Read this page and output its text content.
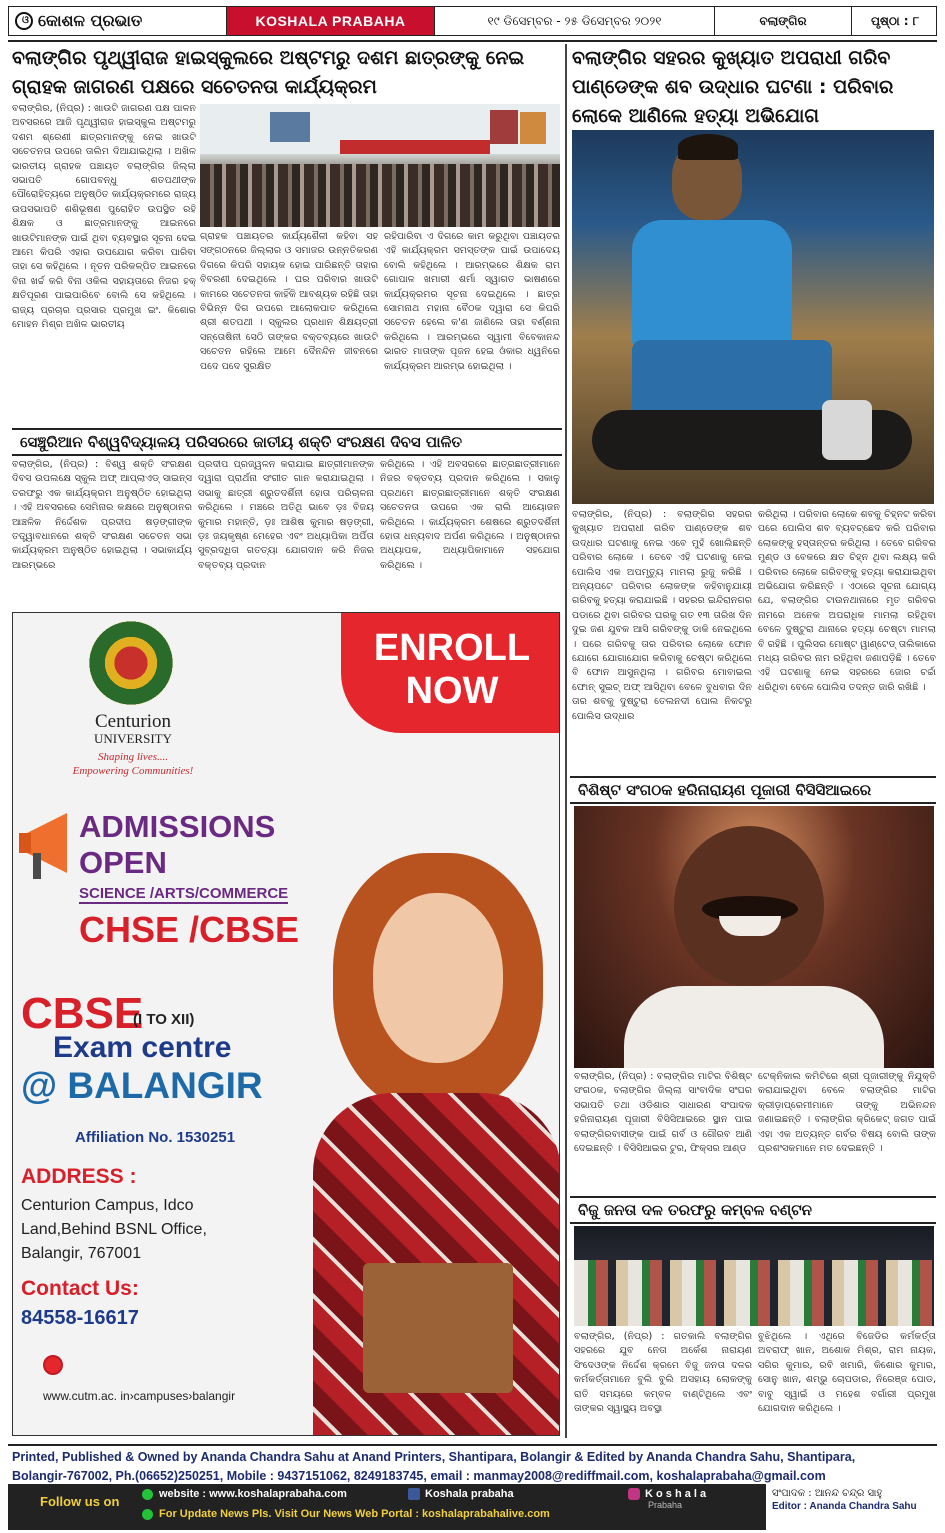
ଓ କୋଶଳ ପ୍ରଭାତ	KOSHALA PRABAHA	୧୯ ଡିସେମ୍ବର - ୨୫ ଡିସେମ୍ବର ୨୦୨୧	ବଲାଙ୍ଗିର	ପୃଷ୍ଠା : ୮
ବଲାଙ୍ଗିର ପୃଥ୍ୱୀରାଜ ହାଇସ୍କୁଲରେ ଅଷ୍ଟମରୁ ଦଶମ ଛାତ୍ରଙ୍କୁ ନେଇ ଗ୍ରାହକ ଜାଗରଣ ପକ୍ଷରେ ସଚେତନତା କାର୍ଯ୍ୟକ୍ରମ
ବଲାଙ୍ଗିର, (ନିପ୍ର) : ଖାଉଟି ଜାଗରଣ ପକ୍ଷ ପାଳନ ଅବସରରେ ଆଜି ପୃଥ୍ୱୀରାଜ ହାଇସ୍କୁଲ ଅଷ୍ଟମରୁ ଦଶମ ଶ୍ରେଣୀ ଛାତ୍ରମାନଙ୍କୁ ନେଇ ଖାଉଟି ସଚେତନତା ଉପରେ ତାଲିମ ଦିଆଯାଇଥିଲା । ଅଖିଳ ଭାରତୀୟ ଗ୍ରାହକ ପଞ୍ଚାୟତ ବଲାଙ୍ଗିର ଜିଲ୍ଲା ସଭାପତି ଗୋପବନ୍ଧୁ ଶତପଥୀଙ୍କ ପୌରୋହିତ୍ୟରେ ଅନୁଷ୍ଠିତ କାର୍ଯ୍ୟକ୍ରମରେ ରାଜ୍ୟ ଉପସଭାପତି ଶଶିଭୂଷଣ ପୁରୋହିତ ଉପସ୍ଥିତ ରହି ଶିକ୍ଷକ ଓ ଛାତ୍ରମାନଙ୍କୁ ଆଇନରେ ଖାଉଟିମାନଙ୍କ ପାଇଁ ଥିବା ବ୍ୟବସ୍ଥାର ସୂଚନା ଦେଇ ଆମେ କିପରି ଏହାର ଉପଯୋଗ କରିବା ପାରିବା ତାହା ସେ କହିଥିଲେ । ନୂତନ ପରିକଳ୍ପିତ ଆଇନରେ ବିନା ଖର୍ଚ୍ଚ କରି ବିନା ଓକିଲ ସହାୟତାରେ ନିଜର ହକ୍ କ୍ଷତିପୂରଣ ପାଇପାରିବେ ବୋଲି ସେ କହିଥିଲେ । ରାଜ୍ୟ ପ୍ରଚାର ପ୍ରସାର ପ୍ରମୁଖ ଇଂ. କିଶୋର ମୋହନ ମିଶ୍ର ଅଖିଳ ଭାରତୀୟ
ଗ୍ରାହକ ପଞ୍ଚାୟତର କାର୍ଯ୍ୟଶୈଳୀ କହିବା ସହ ସଙ୍ଗଠନରେ ଜିଲ୍ଲାର ଓ ସମାଜର ଉନ୍ନତିକରଣ ଦିଗରେ କିପରି ସହାୟକ ହୋଇ ପାରିଛନ୍ତି ତାହାର ବିବରଣୀ ଦେଇଥିଲେ । ଘର ପରିବାର ଖାଉଟି କାମରେ ସଚେତନତା କାହିଁକି ଆବଶ୍ୟକ ରହିଛି ତାହା ବିଭିନ୍ନ ଦିଗ ଉପରେ ଆଲୋକପାତ କରିଥିଲେ ଶ୍ରୀ ଶତପଥୀ । ସ୍କୁଲର ପ୍ରଧାନ ଶିକ୍ଷୟତ୍ରୀ ସନ୍ତୋଷିନୀ ସେଠି ତାଙ୍କର ବକ୍ତବ୍ୟରେ ଖାଉଟି ସଚେତନ ରହିଲେ ଆମେ ଦୈନନ୍ଦିନ ଜୀବନରେ ପଦେ ପଦେ ସୁରକ୍ଷିତ
ରହିପାରିବା ଏ ଦିଗରେ କାମ କରୁଥିବା ପଞ୍ଚାୟତର ଏହି କାର୍ଯ୍ୟକ୍ରମ ସମସ୍ତଙ୍କ ପାଇଁ ଉପାଦେୟ ବୋଲି କହିଥିଲେ । ଆରମ୍ଭରେ ଶିକ୍ଷକ ରାମ ଗୋପାଳ ଖମାରୀ ଶର୍ମା ସ୍ୱାଗତ ଭାଷଣରେ କାର୍ଯ୍ୟକ୍ରମର ସୂଚନା ଦେଇଥିଲେ । ଛାତ୍ର ସୋମନାଥ ମହାନା ବୈଠକ ଦ୍ୱାରା ସେ କିପରି ସଚେତନ ହେଲେ କ'ଣ ଜାଣିଲେ ତାହା ବର୍ଣ୍ଣନା କରିଥିଲେ । ଆରମ୍ଭରେ ସ୍ୱାମୀ ବିବେକାନନ୍ଦ ଭାରତ ମାତାଙ୍କ ପୂଜନ ହେଇ ଓଁକାର ଧ୍ୱନିରେ କାର୍ଯ୍ୟକ୍ରମ ଆରମ୍ଭ ହୋଇଥିଲା ।
ସେଞ୍ଚୁରିଆନ ବିଶ୍ୱବିଦ୍ୟାଳୟ ପରିସରରେ ଜାତୀୟ ଶକ୍ତି ସଂରକ୍ଷଣ ଦିବସ ପାଳିତ
ବଲାଙ୍ଗିର, (ନିପ୍ର) : ବିଶ୍ୱ ଶକ୍ତି ସଂରକ୍ଷଣ ଦିବସ ଉପଲକ୍ଷେ ସ୍କୁଲ ଅଫ୍ ଆପ୍ଲାଏଡ୍ ସାଇନ୍ସ ତରଫରୁ ଏକ କାର୍ଯ୍ୟକ୍ରମ ଅନୁଷ୍ଠିତ ହୋଇଥିଲା । ଏହି ଅବସରରେ ସେମିନାର କକ୍ଷରେ ଅନୁଷ୍ଠାନର ଆଞ୍ଚଳିକ ନିର୍ଦ୍ଦେଶକ ପ୍ରଦୀପ ଷଡ଼ଙ୍ଗୀଙ୍କ ତତ୍ତ୍ୱାବଧାନରେ ଶକ୍ତି ସଂରକ୍ଷଣ ସଚେତନ ସଭା କାର୍ଯ୍ୟକ୍ରମ ଅନୁଷ୍ଠିତ ହୋଇଥିଲା । ସଭାକାର୍ଯ୍ୟ ଆରମ୍ଭରେ
ପ୍ରଦୀପ ପ୍ରଜ୍ୱଳନ କରାଯାଇ ଛାତ୍ରୀମାନଙ୍କ ଦ୍ୱାରା ପ୍ରାର୍ଥନା ସଂଗୀତ ଗାନ କରାଯାଇଥିଲା । ସଭାକୁ ଛାତ୍ରୀ ଶ୍ରୁତଦର୍ଶିନୀ ହୋତା ପରିଚାଳନା କରିଥିଲେ । ମଞ୍ଚରେ ଅତିଥି ଭାବେ ଡ଼ଃ ବିଜୟ କୁମାର ମହାନ୍ତି, ଡ଼ଃ ଆଶିଷ କୁମାର ଷଡ଼ଙ୍ଗୀ, ଡ଼ଃ ଜୟକୃଷ୍ଣ ମେହେର ଏବଂ ଅଧ୍ୟାପିକା ଅର୍ପିତା ସୁବ୍ରଦ୍ଧିତା ଗତତ୍ୟା ଯୋଗଦାନ କରି ନିଜର ବକ୍ତବ୍ୟ ପ୍ରଦାନ
କରିଥିଲେ । ଏହି ଅବସରରେ ଛାତ୍ରଛାତ୍ରୀମାନେ ନିଜର ବକ୍ତବ୍ୟ ପ୍ରଦାନ କରିଥିଲେ । ସକାଳୁ ପ୍ରଥମେ ଛାତ୍ରଛାତ୍ରୀମାନେ ଶକ୍ତି ସଂରକ୍ଷଣ ସଚେତନତା ଉପରେ ଏକ ରାଲି ଆୟୋଜନ କରିଥିଲେ । କାର୍ଯ୍ୟକ୍ରମ ଶେଷରେ ଶ୍ରୁତଦର୍ଶିନୀ ହୋତା ଧନ୍ୟବାଦ ଅର୍ପଣ କରିଥିଲେ । ଅନୁଷ୍ଠାନର ଅଧ୍ୟାପକ, ଅଧ୍ୟାପିକାମାନେ ସହଯୋଗ କରିଥିଲେ ।
ବଲାଙ୍ଗିର ସହରର କୁଖ୍ୟାତ ଅପରାଧୀ ଗରିବ ପାଣ୍ଡେଙ୍କ ଶବ ଉଦ୍ଧାର ଘଟଣା : ପରିବାର ଲୋକେ ଆଣିଲେ ହତ୍ୟା ଅଭିଯୋଗ
ବଲାଙ୍ଗିର, (ନିପ୍ର) : ବଲାଙ୍ଗିର ସହରର କୁଖ୍ୟାତ ଅପରାଧୀ ଗରିବ ପାଣ୍ଡେଙ୍କ ଶବ ଉଦ୍ଧାର ଘଟଣାକୁ ନେଇ ଏବେ ମୁହଁ ଖୋଲିଛନ୍ତି ପରିବାର ଲୋକେ । ତେବେ ଏହି ଘଟଣାକୁ ନେଇ ପୋଲିସ ଏକ ଅପମୃତ୍ୟୁ ମାମଲା ରୁଜୁ କରିଛି । ଅନ୍ୟପଟେ ପରିବାର ଲୋକଙ୍କ କହିବାନୁଯାୟୀ ଗରିବକୁ ହତ୍ୟା କରାଯାଇଛି । ସହରର ଇନ୍ଦିରାନଗର ପଡାରେ ଥିବା ଗରିବର ଘରକୁ ଗତ ୧୩ ତାରିଖ ଦିନ ଦୁଇ ଜଣ ଯୁବକ ଆସି ଗରିବଙ୍କୁ ଡାକି ନେଇଥିଲେ । ପରେ ଗରିବକୁ ତାର ପରିବାର ଲୋକେ ଫୋନ ଯୋଗେ ଯୋଗାଯୋଗ କରିବାକୁ ଚେଷ୍ଟା କରିଥିଲେ ବି ଫୋନ ଆସୁନଥିଲା । ଗରିବର ମୋବାଇଲ ଫୋନ୍ ସୁଇଚ୍ ଅଫ୍ ଆସିଥିବା ବେଳେ ବୁଧବାର ଦିନ ତାର ଶବକୁ ଦୁଷ୍ଟୁରା ତେଲନଦୀ ପୋଲ ନିକଟରୁ ପୋଲିସ ଉଦ୍ଧାର
କରିଥିଲା । ପରିବାର ଲୋକେ ଶବକୁ ଚିହ୍ନଟ କରିବା ପରେ ପୋଲିସ ଶବ ବ୍ୟବଚ୍ଛେଦ କରି ପରିବାର ଲୋକଙ୍କୁ ହସ୍ତାନ୍ତର କରିଥିଲା । ତେବେ ଗରିବର ମୁଣ୍ଡ ଓ ବେକରେ କ୍ଷତ ଚିହ୍ନ ଥିବା ଲକ୍ଷ୍ୟ କରି ପରିବାର ଲୋକେ ଗରିବଙ୍କୁ ହତ୍ୟା କରାଯାଇଥିବା ଅଭିଯୋଗ କରିଛନ୍ତି । ଏଠାରେ ସୂଚନା ଯୋଗ୍ୟ ଯେ, ବଲାଙ୍ଗିର ଟାଉନଥାନାରେ ମୃତ ଗରିବର ନାମରେ ଅନେକ ଅପରାଧିକ ମାମଲା ରହିଥିବା ବେଳେ ଦୁଷ୍ଟୁରା ଥାନାରେ ହତ୍ୟା ଚେଷ୍ଟା ମାମଲା ବି ରହିଛି । ପୁଲିସର ମୋଷ୍ଟ ୱାଣ୍ଟେଡ୍ ତାଲିକାରେ ମଧ୍ୟ ଗରିବର ନାମ ରହିଥିବା ଜଣାପଡ଼ିଛି । ତେବେ ଏହି ଘଟଣାକୁ ନେଇ ସହରରେ ଜୋର ଚର୍ଚ୍ଚା ଧରିଥିବା ବେଳେ ପୋଲିସ ତଦନ୍ତ ଜାରି ରଖିଛି ।
ବିଶିଷ୍ଟ ସଂଗଠକ ହରିନାରାୟଣ ପୂଜାରୀ ବିସିସିଆଇରେ
ବଲାଙ୍ଗିର, (ନିପ୍ର) : ବଲାଙ୍ଗିର ମାଟିର ବିଶିଷ୍ଟ ସଂଗଠକ, ବଲାଙ୍ଗିର ଜିଲ୍ଲା ସାଂବାଦିକ ସଂଘର ସଭାପତି ତଥା ଓଡିଶାର ସାଧାରଣ ସଂପାଦକ ହରିନାରାୟଣ ପୂଜାରୀ ବିସିସିଆଇରେ ସ୍ଥାନ ପାଇ ବଲାଙ୍ଗିରବାସୀଙ୍କ ପାଇଁ ଗର୍ବ ଓ ଗୌରବ ଆଣି ଦେଇଛନ୍ତି । ବିସିସିଆଇର ଟୁର, ଫିକ୍ସର ଆଣ୍ଡ
ଟେକ୍ନିକାଲ କମିଟିରେ ଶ୍ରୀ ପୂଜାରୀଙ୍କୁ ନିଯୁକ୍ତି କରାଯାଇଥିବା ବେଳେ ବଲାଙ୍ଗିର ମାଟିର କ୍ରୀଡ଼ାପ୍ରେମୀମାନେ ତାଙ୍କୁ ଅଭିନନ୍ଦନ ଜଣାଇଛନ୍ତି । ବଲାଙ୍ଗିର କ୍ରିକେଟ୍ ଜଗତ ପାଇଁ ଏହା ଏକ ଅତ୍ୟନ୍ତ ଗର୍ବର ବିଷୟ ବୋଲି ତାଙ୍କ ପ୍ରଶଂସକମାନେ ମତ ଦେଇଛନ୍ତି ।
ବିଜୁ ଜନତା ଦଳ ତରଫରୁ କମ୍ବଳ ବଣ୍ଟନ
ବଲାଙ୍ଗିର, (ନିପ୍ର) : ଗତକାଲି ବଲାଙ୍ଗିର ସହରରେ ଯୁବ ନେତା ଅର୍କେଶ ନାରାୟଣ ସିଂଦେଓଙ୍କ ନିର୍ଦ୍ଦେଶ କ୍ରମେ ବିଜୁ ଜନତା ଦଳର କର୍ମକର୍ତ୍ତାମାନେ ବୁଲି ବୁଲି ଅସହାୟ ଲୋକଙ୍କୁ ରାତି ସମୟରେ କମ୍ବଳ ବାଣ୍ଟିଥିଲେ ଏବଂ ତାଙ୍କର ସ୍ୱାସ୍ଥ୍ୟ ଅବସ୍ଥା
ବୁଝିଥିଲେ । ଏଥିରେ ବିଜେଡିର କର୍ମକର୍ତ୍ତା ଅବରାଫ୍ ଖାନ, ଅଶୋକ ମିଶ୍ର, ରାମ ନାୟକ, ସଗିର କୁମାର, ରବି ଖମାରି, କିଶୋର କୁମାର, ସୋନୁ ଖାନ, ଶମ୍ଭୁ ଚୋପଡାର, ନିରେଞ୍ଜ ପୋଡ, ବାବୁ ସ୍ୱାଇଁ ଓ ମହେଶ ବର୍ଗାରୀ ପ୍ରମୁଖ ଯୋଗଦାନ କରିଥିଲେ ।
ENROLL
NOW
Centurion
UNIVERSITY
Shaping lives....
Empowering Communities!
ADMISSIONS
OPEN
SCIENCE /ARTS/COMMERCE
CHSE /CBSE
CBSE
(I TO XII)
Exam centre
@ BALANGIR
Affiliation No. 1530251
ADDRESS :
Centurion Campus, Idco
Land,Behind BSNL Office,
Balangir, 767001
Contact Us:
84558-16617
www.cutm.ac. in›campuses›balangir
Printed, Published & Owned by Ananda Chandra Sahu at Anand Printers, Shantipara, Bolangir & Edited by Ananda Chandra Sahu, Shantipara,
Bolangir-767002, Ph.(06652)250251, Mobile : 9437151062, 8249183745, email : manmay2008@rediffmail.com, koshalaprabaha@gmail.com
Follow us on	website : www.koshalaprabaha.com	Koshala prabaha	K o s h a l a
Prabaha
For Update News Pls. Visit Our News Web Portal : koshalaprabahalive.com
ସଂପାଦକ : ଆନନ୍ଦ ଚନ୍ଦ୍ର ସାହୁ
Editor : Ananda Chandra Sahu
